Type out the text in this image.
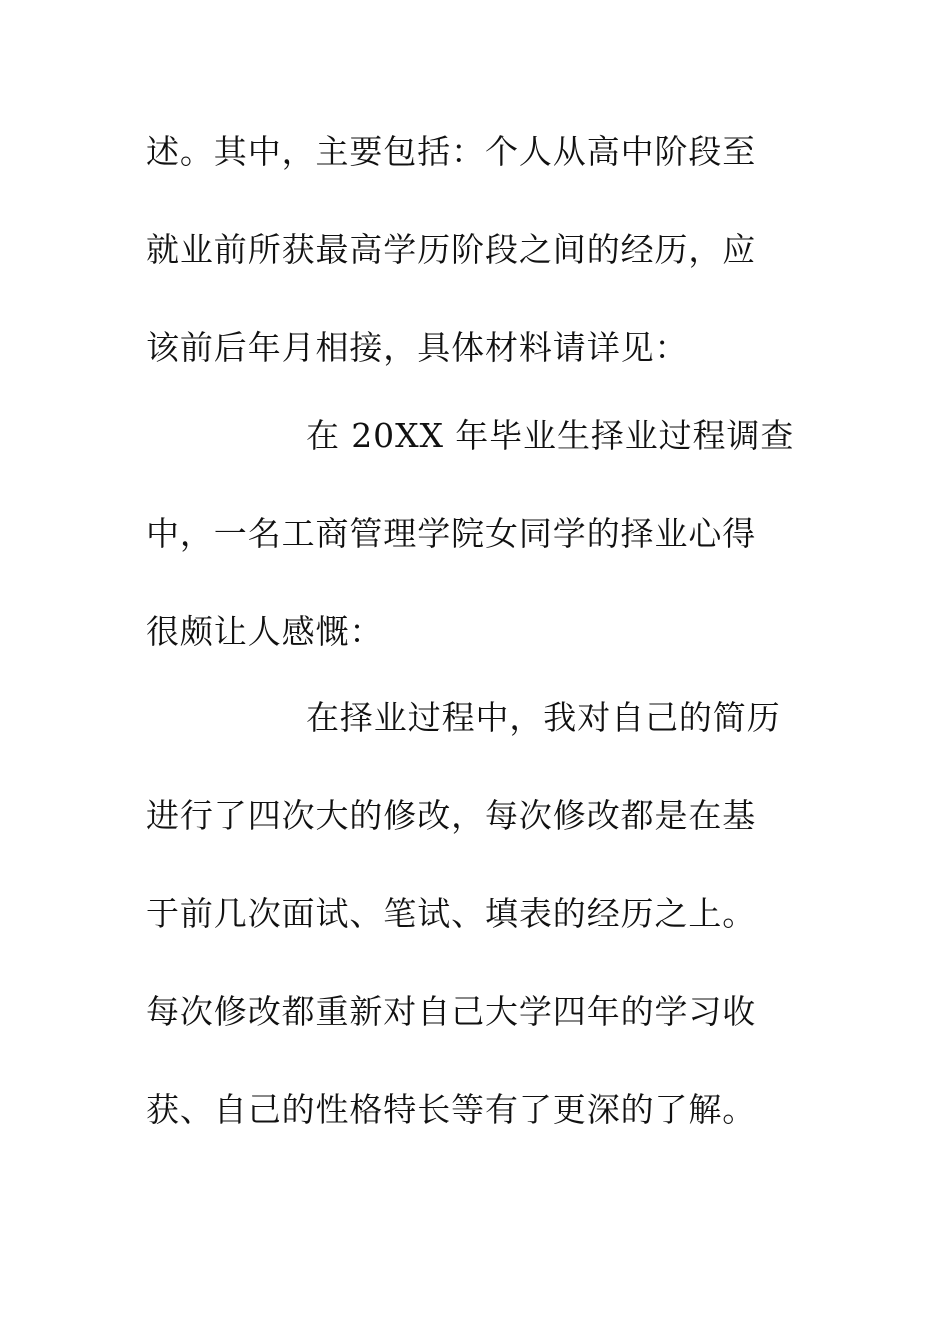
述。其中，主要包括：个人从高中阶段至
就业前所获最高学历阶段之间的经历，应
该前后年月相接，具体材料请详见：
在 20XX 年毕业生择业过程调查
中，一名工商管理学院女同学的择业心得
很颇让人感慨：
在择业过程中，我对自己的简历
进行了四次大的修改，每次修改都是在基
于前几次面试、笔试、填表的经历之上。
每次修改都重新对自己大学四年的学习收
获、自己的性格特长等有了更深的了解。
